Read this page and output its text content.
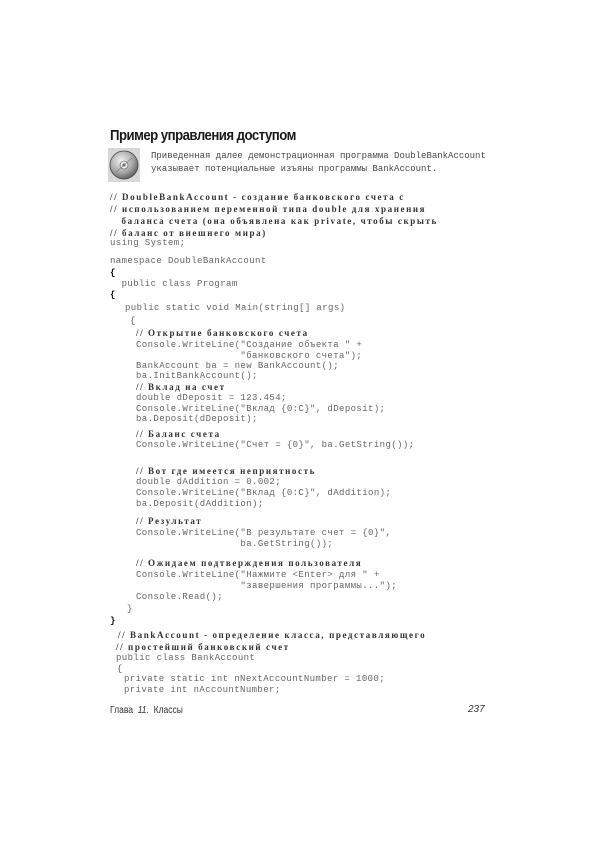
Пример управления доступом
Приведенная далее демонстрационная программа DoubleBankAccount
указывает потенциальные изъяны программы BankAccount.
// DoubleBankAccount - создание банковского счета с
// использованием переменной типа double для хранения
баланса счета (она объявлена как private, чтобы скрыть
// баланс от внешнего мира)
using System;
namespace DoubleBankAccount
{
public class Program
{
public static void Main(string[] args)
{
// Открытие банковского счета
Console.WriteLine("Создание объекта " +
"банковского счета");
BankAccount ba = new BankAccount();
ba.InitBankAccount();
// Вклад на счет
double dDeposit = 123.454;
Console.WriteLine("Вклад {0:C}", dDeposit);
ba.Deposit(dDeposit);
// Баланс счета
Console.WriteLine("Счет = {0}", ba.GetString());
// Вот где имеется неприятность
double dAddition = 0.002;
Console.WriteLine("Вклад {0:C}", dAddition);
ba.Deposit(dAddition);
// Результат
Console.WriteLine("В результате счет = {0}",
ba.GetString());
// Ожидаем подтверждения пользователя
Console.WriteLine("Нажмите <Enter> для " +
"завершения программы...");
Console.Read();
}
}
// BankAccount - определение класса, представляющего
// простейший банковский счет
public class BankAccount
{
private static int nNextAccountNumber = 1000;
private int nAccountNumber;
Глава 11. Классы	237
